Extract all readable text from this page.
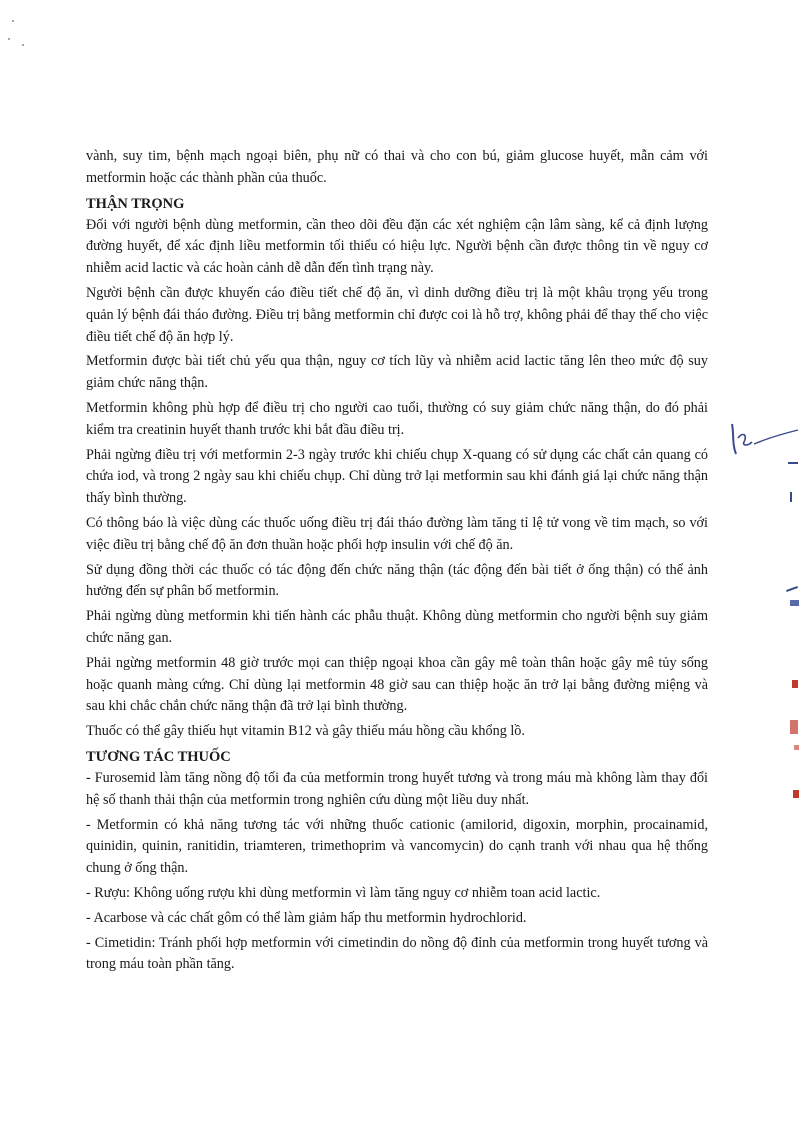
vành, suy tim, bệnh mạch ngoại biên, phụ nữ có thai và cho con bú, giảm glucose huyết, mẫn cảm với metformin hoặc các thành phần của thuốc.

THẬN TRỌNG

Đối với người bệnh dùng metformin, cần theo dõi đều đặn các xét nghiệm cận lâm sàng, kể cả định lượng đường huyết, để xác định liều metformin tối thiểu có hiệu lực. Người bệnh cần được thông tin về nguy cơ nhiễm acid lactic và các hoàn cảnh dễ dẫn đến tình trạng này.

Người bệnh cần được khuyến cáo điều tiết chế độ ăn, vì dinh dưỡng điều trị là một khâu trọng yếu trong quản lý bệnh đái tháo đường. Điều trị bằng metformin chỉ được coi là hỗ trợ, không phải để thay thế cho việc điều tiết chế độ ăn hợp lý.

Metformin được bài tiết chủ yếu qua thận, nguy cơ tích lũy và nhiễm acid lactic tăng lên theo mức độ suy giảm chức năng thận.

Metformin không phù hợp để điều trị cho người cao tuổi, thường có suy giảm chức năng thận, do đó phải kiểm tra creatinin huyết thanh trước khi bắt đầu điều trị.

Phải ngừng điều trị với metformin 2-3 ngày trước khi chiếu chụp X-quang có sử dụng các chất cản quang có chứa iod, và trong 2 ngày sau khi chiếu chụp. Chỉ dùng trở lại metformin sau khi đánh giá lại chức năng thận thấy bình thường.

Có thông báo là việc dùng các thuốc uống điều trị đái tháo đường làm tăng tỉ lệ tử vong về tim mạch, so với việc điều trị bằng chế độ ăn đơn thuần hoặc phối hợp insulin với chế độ ăn.

Sử dụng đồng thời các thuốc có tác động đến chức năng thận (tác động đến bài tiết ở ống thận) có thể ảnh hưởng đến sự phân bố metformin.

Phải ngừng dùng metformin khi tiến hành các phẫu thuật. Không dùng metformin cho người bệnh suy giảm chức năng gan.

Phải ngừng metformin 48 giờ trước mọi can thiệp ngoại khoa cần gây mê toàn thân hoặc gây mê tủy sống hoặc quanh màng cứng. Chỉ dùng lại metformin 48 giờ sau can thiệp hoặc ăn trở lại bằng đường miệng và sau khi chắc chắn chức năng thận đã trở lại bình thường.

Thuốc có thể gây thiếu hụt vitamin B12 và gây thiếu máu hồng cầu khổng lồ.

TƯƠNG TÁC THUỐC

- Furosemid làm tăng nồng độ tối đa của metformin trong huyết tương và trong máu mà không làm thay đổi hệ số thanh thải thận của metformin trong nghiên cứu dùng một liều duy nhất.

- Metformin có khả năng tương tác với những thuốc cationic (amilorid, digoxin, morphin, procainamid, quinidin, quinin, ranitidin, triamteren, trimethoprim và vancomycin) do cạnh tranh với nhau qua hệ thống chung ở ống thận.

- Rượu: Không uống rượu khi dùng metformin vì làm tăng nguy cơ nhiễm toan acid lactic.

- Acarbose và các chất gôm có thể làm giảm hấp thu metformin hydrochlorid.

- Cimetidin: Tránh phối hợp metformin với cimetindin do nồng độ đỉnh của metformin trong huyết tương và trong máu toàn phần tăng.
